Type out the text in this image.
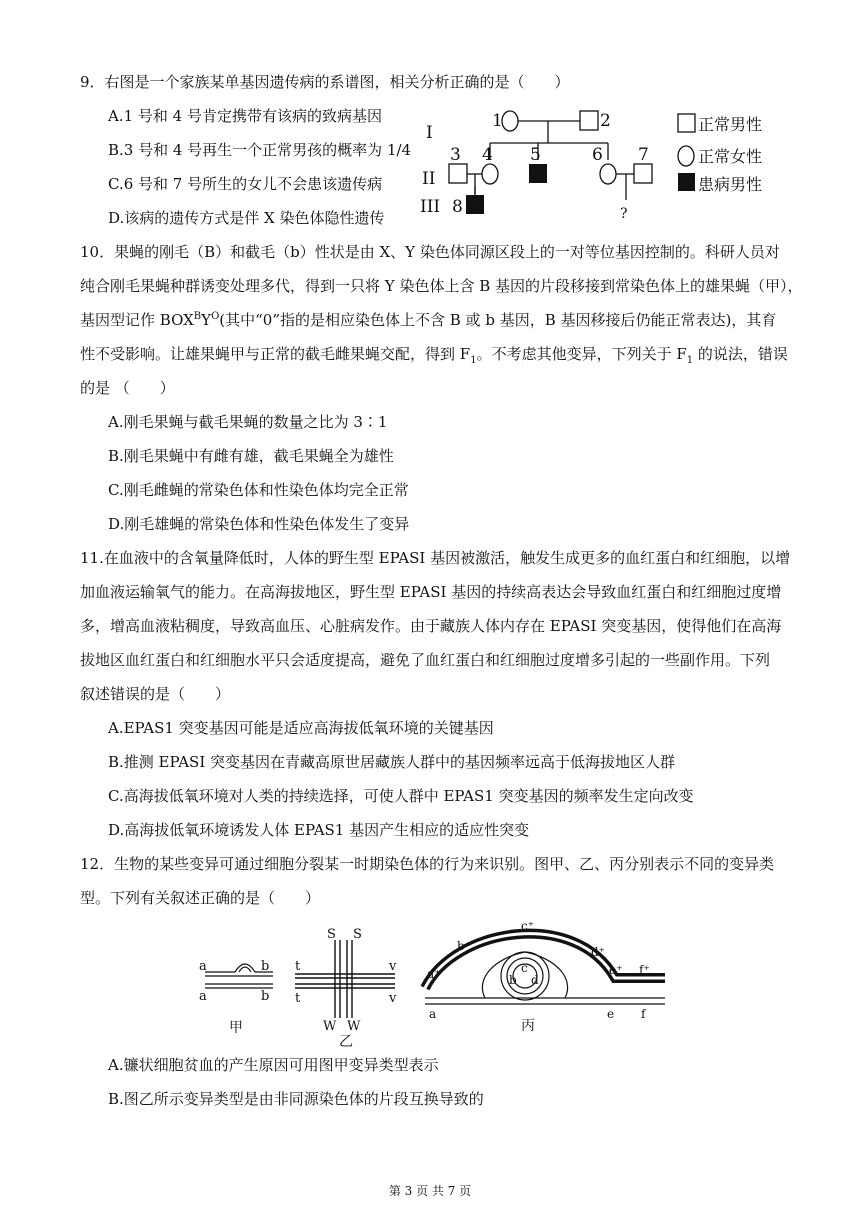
9．右图是一个家族某单基因遗传病的系谱图，相关分析正确的是（　　）
A.1 号和 4 号肯定携带有该病的致病基因
B.3 号和 4 号再生一个正常男孩的概率为 1/4
C.6 号和 7 号所生的女儿不会患该遗传病
D.该病的遗传方式是伴 X 染色体隐性遗传
I
II
III
1	2
3 4 5	6 7
8	?
正常男性
正常女性
患病男性
10．果蝇的刚毛（B）和截毛（b）性状是由 X、Y 染色体同源区段上的一对等位基因控制的。科研人员对
纯合刚毛果蝇种群诱变处理多代，得到一只将 Y 染色体上含 B 基因的片段移接到常染色体上的雄果蝇（甲），
基因型记作 $BOX^BY^O$(其中“0”指的是相应染色体上不含 B 或 b 基因，B 基因移接后仍能正常表达)，其育
性不受影响。让雄果蝇甲与正常的截毛雌果蝇交配，得到 $F_1$。不考虑其他变异，下列关于 $F_1$ 的说法，错误
的是 （　　）
A.刚毛果蝇与截毛果蝇的数量之比为 3∶1
B.刚毛果蝇中有雌有雄，截毛果蝇全为雄性
C.刚毛雌蝇的常染色体和性染色体均完全正常
D.刚毛雄蝇的常染色体和性染色体发生了变异
11.在血液中的含氧量降低时，人体的野生型 EPASI 基因被激活，触发生成更多的血红蛋白和红细胞，以增
加血液运输氧气的能力。在高海拔地区，野生型 EPASI 基因的持续高表达会导致血红蛋白和红细胞过度增
多，增高血液粘稠度，导致高血压、心脏病发作。由于藏族人体内存在 EPASI 突变基因，使得他们在高海
拔地区血红蛋白和红细胞水平只会适度提高，避免了血红蛋白和红细胞过度增多引起的一些副作用。下列
叙述错误的是（　　）
A.EPAS1 突变基因可能是适应高海拔低氧环境的关键基因
B.推测 EPASI 突变基因在青藏高原世居藏族人群中的基因频率远高于低海拔地区人群
C.高海拔低氧环境对人类的持续选择，可使人群中 EPAS1 突变基因的频率发生定向改变
D.高海拔低氧环境诱发人体 EPAS1 基因产生相应的适应性突变
12．生物的某些变异可通过细胞分裂某一时期染色体的行为来识别。图甲、乙、丙分别表示不同的变异类
型。下列有关叙述正确的是（　　）
a	b
a	b
甲
t
S S
v
t	v
W W
乙
c⁺
b⁺	d⁺
a⁺	e⁺ f⁺
c
b d
a	e f
丙
A.镰状细胞贫血的产生原因可用图甲变异类型表示
B.图乙所示变异类型是由非同源染色体的片段互换导致的
第 3 页 共 7 页
